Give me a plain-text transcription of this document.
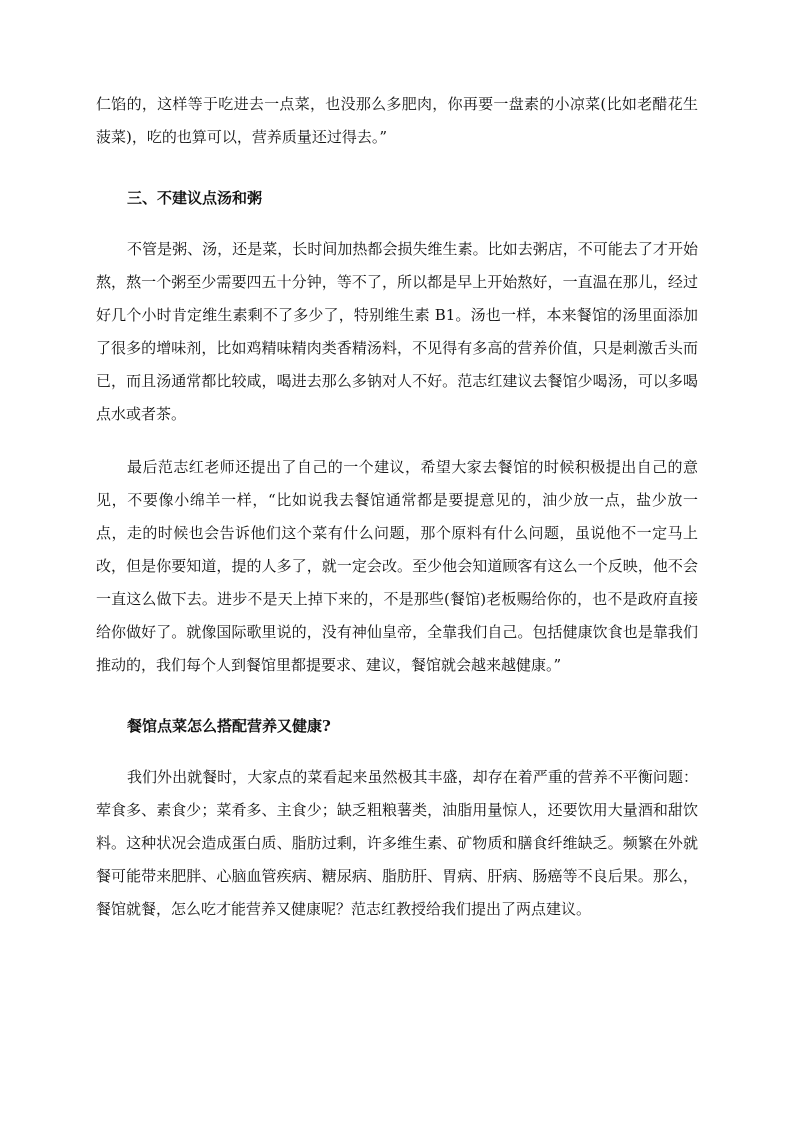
仁馅的，这样等于吃进去一点菜，也没那么多肥肉，你再要一盘素的小凉菜(比如老醋花生菠菜)，吃的也算可以，营养质量还过得去。”

三、不建议点汤和粥

不管是粥、汤，还是菜，长时间加热都会损失维生素。比如去粥店，不可能去了才开始熬，熬一个粥至少需要四五十分钟，等不了，所以都是早上开始熬好，一直温在那儿，经过好几个小时肯定维生素剩不了多少了，特别维生素 B1。汤也一样，本来餐馆的汤里面添加了很多的增味剂，比如鸡精味精肉类香精汤料，不见得有多高的营养价值，只是刺激舌头而已，而且汤通常都比较咸，喝进去那么多钠对人不好。范志红建议去餐馆少喝汤，可以多喝点水或者茶。

最后范志红老师还提出了自己的一个建议，希望大家去餐馆的时候积极提出自己的意见，不要像小绵羊一样，“比如说我去餐馆通常都是要提意见的，油少放一点，盐少放一点，走的时候也会告诉他们这个菜有什么问题，那个原料有什么问题，虽说他不一定马上改，但是你要知道，提的人多了，就一定会改。至少他会知道顾客有这么一个反映，他不会一直这么做下去。进步不是天上掉下来的，不是那些(餐馆)老板赐给你的，也不是政府直接给你做好了。就像国际歌里说的，没有神仙皇帝，全靠我们自己。包括健康饮食也是靠我们推动的，我们每个人到餐馆里都提要求、建议，餐馆就会越来越健康。”

餐馆点菜怎么搭配营养又健康?

我们外出就餐时，大家点的菜看起来虽然极其丰盛，却存在着严重的营养不平衡问题：荤食多、素食少；菜肴多、主食少；缺乏粗粮薯类，油脂用量惊人，还要饮用大量酒和甜饮料。这种状况会造成蛋白质、脂肪过剩，许多维生素、矿物质和膳食纤维缺乏。频繁在外就餐可能带来肥胖、心脑血管疾病、糖尿病、脂肪肝、胃病、肝病、肠癌等不良后果。那么，餐馆就餐，怎么吃才能营养又健康呢？范志红教授给我们提出了两点建议。
